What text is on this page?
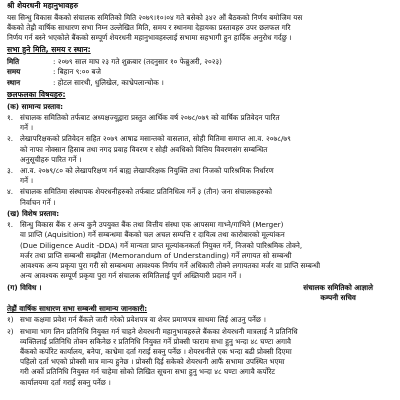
श्री शेयरधनी महानुभावहरु
यस सिन्धु विकास बैंकको संचालक समितिको मिति २०७९।१०।०४ गते बसेको ३४२ औं बैठकको निर्णय बमोजिम यस
बैंकको तेह्रौ वार्षिक साधारण सभा निम्न उल्लेखित मिति, समय र स्थानमा देहायका प्रस्तावहरु उपर छलफल गरि
निर्णय गर्न बस्ने भएकोले बैंकको सम्पूर्ण शेयरधनी महानुभावहरुलाई सभामा सहभागी हुन हार्दिक अनुरोध गर्दछु ।
सभा हुने मिति, समय र स्थान:
मिति	: २०७९ साल माघ २३ गते शुक्रबार (तदनुसार १० फेब्रुअरी, २०२३)
समय	: बिहान ९:०० बजे
स्थान	: होटल सारथी, धुलिखेल, काभ्रेपलान्चोक ।
छलफलका विषयहरु:
(क) सामान्य प्रस्ताव:
१. संचालक समितिको तर्फबाट अध्यक्षज्यूद्वारा प्रस्तुत आर्थिक वर्ष २०७८/०७९ को वार्षिक प्रतिवेदन पारित
गर्ने ।
२. लेखापरिक्षकको प्रतिवेदन सहित २०७९ आषाढ मसान्तको वासलात, सोही मितिमा समाप्त आ.व. २०७८/७९
को नाफा नोक्सान हिसाब तथा नगद प्रवाह विवरण र सोही अवधिको वित्तिय विवरणसंग सम्बन्धित
अनुसूचीहरु पारित गर्ने ।
३. आ.व. २०७९/८० को लेखापरिक्षण गर्न बाह्य लेखापरिक्षक नियुक्ति तथा निजको पारिश्रमिक निर्धारण
गर्ने ।
४. संचालक समितिमा संस्थापक शेयरधनीहरुको तर्फबाट प्रतिनिधित्व गर्ने ३ (तीन) जना संचालकहरुको
निर्वाचन गर्ने ।
(ख) विशेष प्रस्ताव:
१. सिन्धु विकास बैंक र अन्य कुनै उपयुक्त बैंक तथा वित्तीय संस्था एक आपसमा गाभ्ने/गाभिने (Merger)
वा प्राप्ति (Aquisition) गर्ने सम्बन्धमा बैंकको चल अचल सम्पत्ति र दायित्व तथा कारोबारको मूल्यांकन
(Due Diligence Audit -DDA) गर्ने मान्यता प्राप्त मूल्यांकनकर्ता नियुक्त गर्ने, निजको पारिश्रमिक तोक्ने,
मर्जर तथा प्राप्ति सम्बन्धी सम्झौता (Memorandum of Understanding) गर्ने लगायत सो सम्बन्धी
आवश्यक अन्य प्रकृया पुरा गरी सो सम्बन्धमा आवश्यक निर्णय गर्ने अधिकारी तोक्ने लगायतका मर्जर वा प्राप्ति सम्बन्धी
अन्य आवश्यक सम्पूर्ण प्रकृया पुरा गर्न संचालक समितिलाई पूर्ण अख्तियारी प्रदान गर्ने ।
(ग) विविध ।	संचालक समितिको आज्ञाले
कम्पनी सचिव
तेह्रौं वार्षिक साधारण सभा सम्बन्धी सामान्य जानकारी:
१) सभा कक्षमा प्रवेश गर्न बैंकले जारी गरेको प्रवेशपत्र वा शेयर प्रमाणपत्र साथमा लिई आउनु पर्नेछ ।
२) सभामा भाग लिन प्रतिनिधि नियुक्त गर्न चाहने शेयरधनी महानुभावहरुले बैंकका शेयरधनी मात्रलाई नै प्रतिनिधि
व्यक्तिलाई प्रतिनिधि तोक्न सकिनेछ र प्रतिनिधि नियुक्त गर्ने प्रोक्सी फाराम सभा हुनु भन्दा ४८ घण्टा अगावै
बैंकको कर्पोरेट कार्यालय, बनेपा, काभ्रेमा दर्ता गराई सक्नु पर्नेछ । शेयरधनीले एक भन्दा बढी प्रोक्सी दिएमा
पहिलो दर्ता भएको प्रोक्सी मात्र मान्य हुनेछ । प्रोक्सी दिई सकेको शेयरधनी आफैं सभामा उपस्थित भएमा
गरी अर्को प्रतिनिधि नियुक्त गर्न चाहेमा सोको लिखित सूचना सभा हुनु भन्दा ४८ घण्टा अगावै कर्पोरेट
कार्यालयमा दर्ता गराई सक्नु पर्नेछ ।
